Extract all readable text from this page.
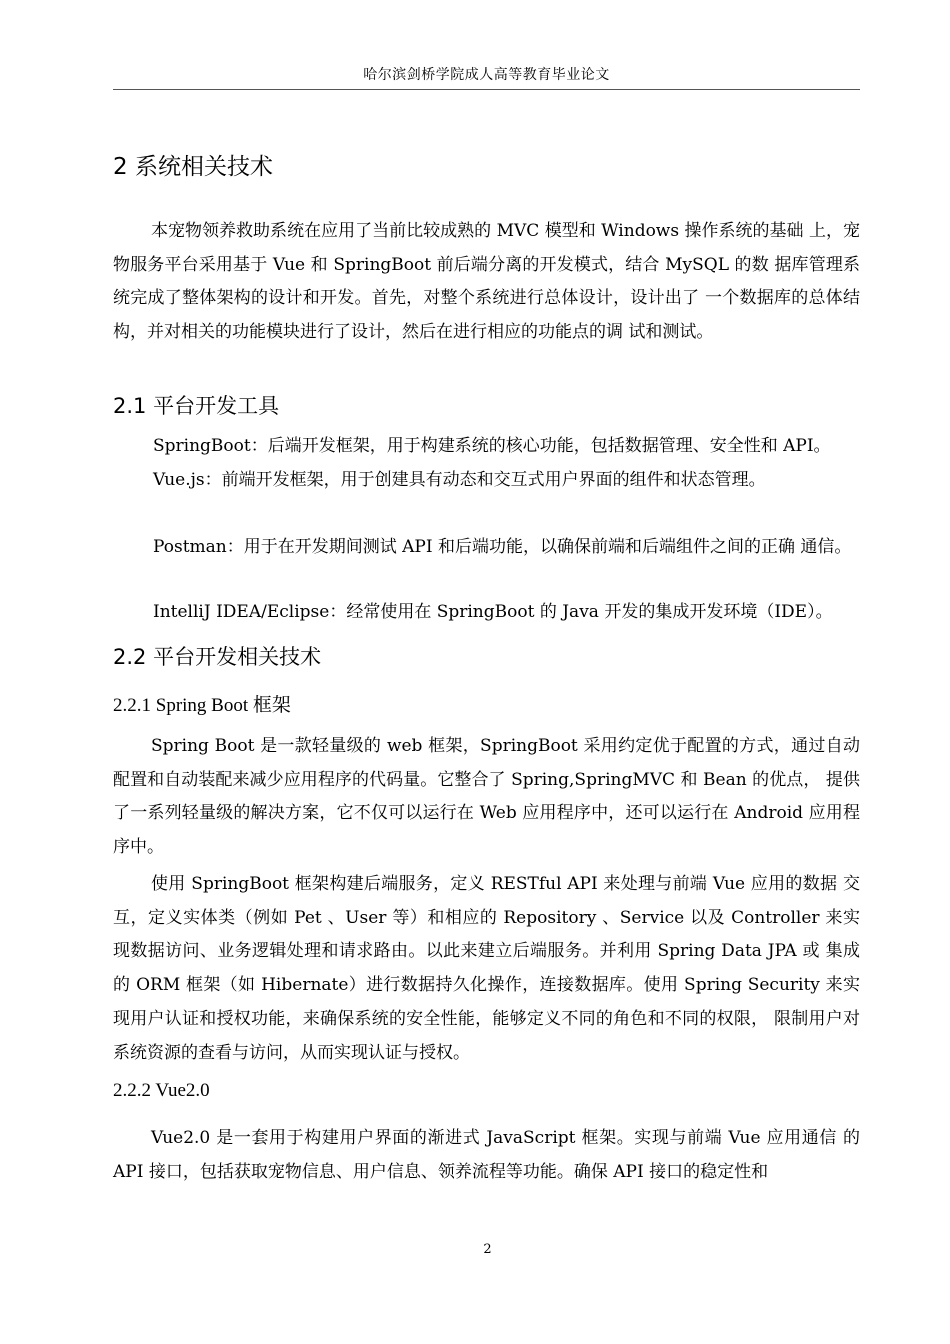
哈尔滨剑桥学院成人高等教育毕业论文
2 系统相关技术
本宠物领养救助系统在应用了当前比较成熟的 MVC 模型和 Windows 操作系统的基础 上，宠物服务平台采用基于 Vue 和 SpringBoot 前后端分离的开发模式，结合 MySQL 的数 据库管理系统完成了整体架构的设计和开发。首先，对整个系统进行总体设计，设计出了 一个数据库的总体结构，并对相关的功能模块进行了设计，然后在进行相应的功能点的调 试和测试。
2.1 平台开发工具
SpringBoot：后端开发框架，用于构建系统的核心功能，包括数据管理、安全性和 API。 Vue.js：前端开发框架，用于创建具有动态和交互式用户界面的组件和状态管理。
Postman：用于在开发期间测试 API 和后端功能，以确保前端和后端组件之间的正确 通信。
IntelliJ IDEA/Eclipse：经常使用在 SpringBoot 的 Java 开发的集成开发环境（IDE）。
2.2 平台开发相关技术
2.2.1 Spring Boot 框架
Spring Boot 是一款轻量级的 web 框架，SpringBoot 采用约定优于配置的方式，通过自动配置和自动装配来减少应用程序的代码量。它整合了 Spring,SpringMVC 和 Bean 的优点， 提供了一系列轻量级的解决方案，它不仅可以运行在 Web 应用程序中，还可以运行在 Android 应用程序中。
使用 SpringBoot 框架构建后端服务，定义 RESTful API 来处理与前端 Vue 应用的数据 交互，定义实体类（例如 Pet 、User 等）和相应的 Repository 、Service 以及 Controller 来实 现数据访问、业务逻辑处理和请求路由。以此来建立后端服务。并利用 Spring Data JPA 或 集成的 ORM 框架（如 Hibernate）进行数据持久化操作，连接数据库。使用 Spring Security 来实现用户认证和授权功能，来确保系统的安全性能，能够定义不同的角色和不同的权限， 限制用户对系统资源的查看与访问，从而实现认证与授权。
2.2.2 Vue2.0
Vue2.0 是一套用于构建用户界面的渐进式 JavaScript 框架。实现与前端 Vue 应用通信 的 API 接口，包括获取宠物信息、用户信息、领养流程等功能。确保 API 接口的稳定性和
2
